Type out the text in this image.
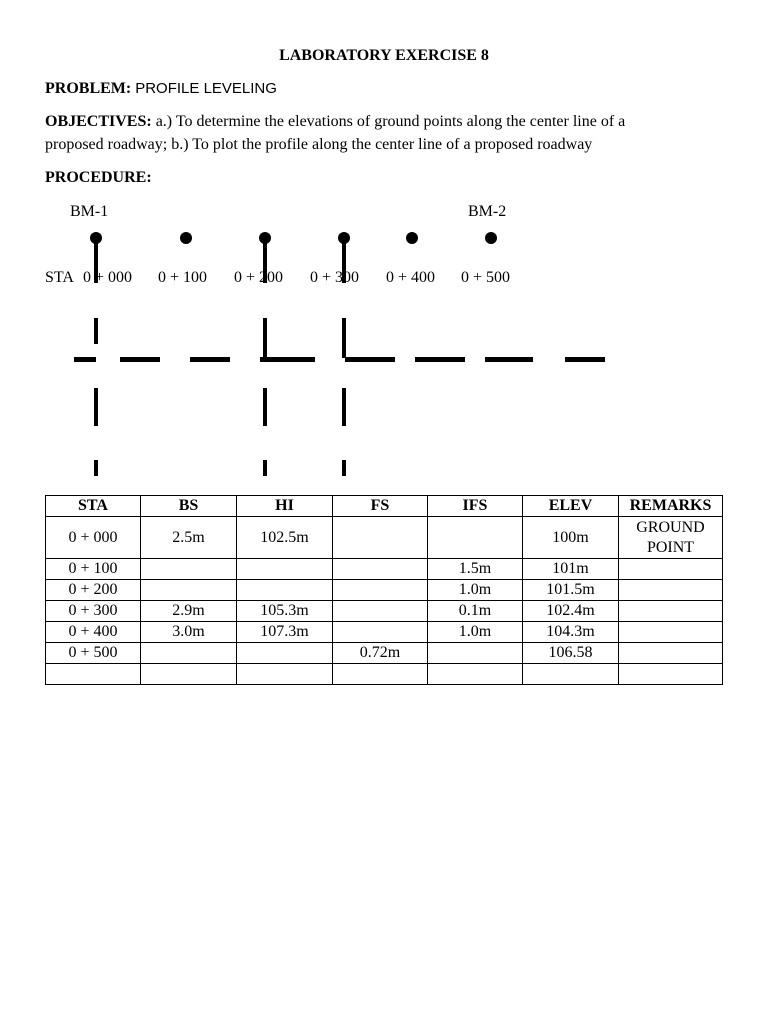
LABORATORY EXERCISE 8
PROBLEM: PROFILE LEVELING
OBJECTIVES: a.) To determine the elevations of ground points along the center line of a
proposed roadway; b.) To plot the profile along the center line of a proposed roadway
PROCEDURE:
BM-1	BM-2
STA 0 + 000 0 + 100 0 + 200 0 + 300 0 + 400 0 + 500
STA	BS	HI	FS	IFS	ELEV	REMARKS
0 + 000	2.5m	102.5m			100m	GROUND POINT
0 + 100				1.5m	101m	
0 + 200				1.0m	101.5m	
0 + 300	2.9m	105.3m		0.1m	102.4m	
0 + 400	3.0m	107.3m		1.0m	104.3m	
0 + 500			0.72m		106.58	
